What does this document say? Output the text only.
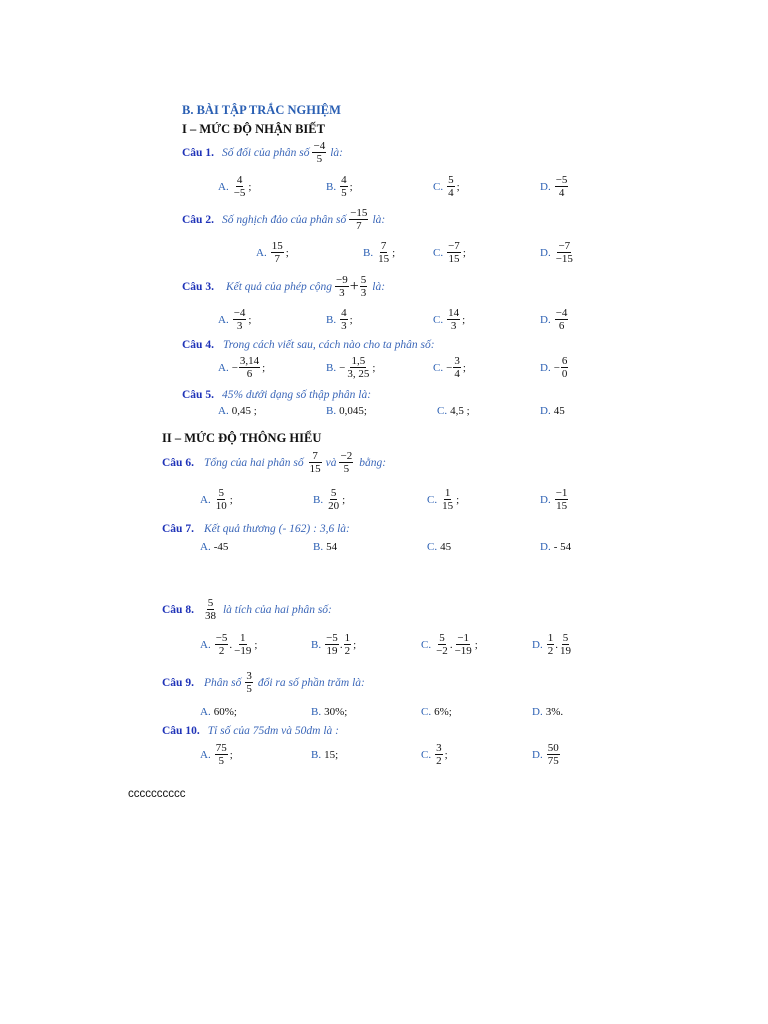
B. BÀI TẬP TRẮC NGHIỆM
I – MỨC ĐỘ NHẬN BIẾT
Câu 1. Số đối của phân số $\frac{-4}{5}$ là:
A. $\frac{4}{-5}$ ;	B. $\frac{4}{5}$ ;	C. $\frac{5}{4}$ ;	D. $\frac{-5}{4}$
Câu 2. Số nghịch đảo của phân số $\frac{-15}{7}$ là:
A. $\frac{15}{7}$ ;	B. $\frac{7}{15}$ ;	C. $\frac{-7}{15}$ ;	D. $\frac{-7}{-15}$
Câu 3. Kết quả của phép cộng $\frac{-9}{3} + \frac{5}{3}$ là:
A. $\frac{-4}{3}$ ;	B. $\frac{4}{3}$ ;	C. $\frac{14}{3}$ ;	D. $\frac{-4}{6}$
Câu 4. Trong cách viết sau, cách nào cho ta phân số:
A. − $\frac{3,14}{6}$ ;	B. − $\frac{1,5}{3, 25}$ ;	C. − $\frac{3}{4}$ ;	D. − $\frac{6}{0}$
Câu 5. 45% dưới dạng số thập phân là:
A. 0,45 ;	B. 0,045;	C. 4,5 ;	D. 45
II – MỨC ĐỘ THÔNG HIỂU
Câu 6. Tổng của hai phân số $\frac{7}{15}$ và $\frac{-2}{5}$ bằng:
A. $\frac{5}{10}$ ;	B. $\frac{5}{20}$ ;	C. $\frac{1}{15}$ ;	D. $\frac{-1}{15}$
Câu 7. Kết quả thương (- 162) : 3,6 là:
A. -45	B. 54	C. 45	D. - 54
Câu 8. $\frac{5}{38}$ là tích của hai phân số:
A. $\frac{-5}{2}$ . $\frac{1}{-19}$ ;	B. $\frac{-5}{19}$ . $\frac{1}{2}$ ;	C. $\frac{5}{-2}$ . $\frac{-1}{-19}$ ;	D. $\frac{1}{2}$ . $\frac{5}{19}$
Câu 9. Phân số $\frac{3}{5}$ đổi ra số phần trăm là:
A. 60%;	B. 30%;	C. 6%;	D. 3%.
Câu 10. Tỉ số của 75dm và 50dm là :
A. $\frac{75}{5}$ ;	B. 15;	C. $\frac{3}{2}$ ;	D. $\frac{50}{75}$
cccccccccc
